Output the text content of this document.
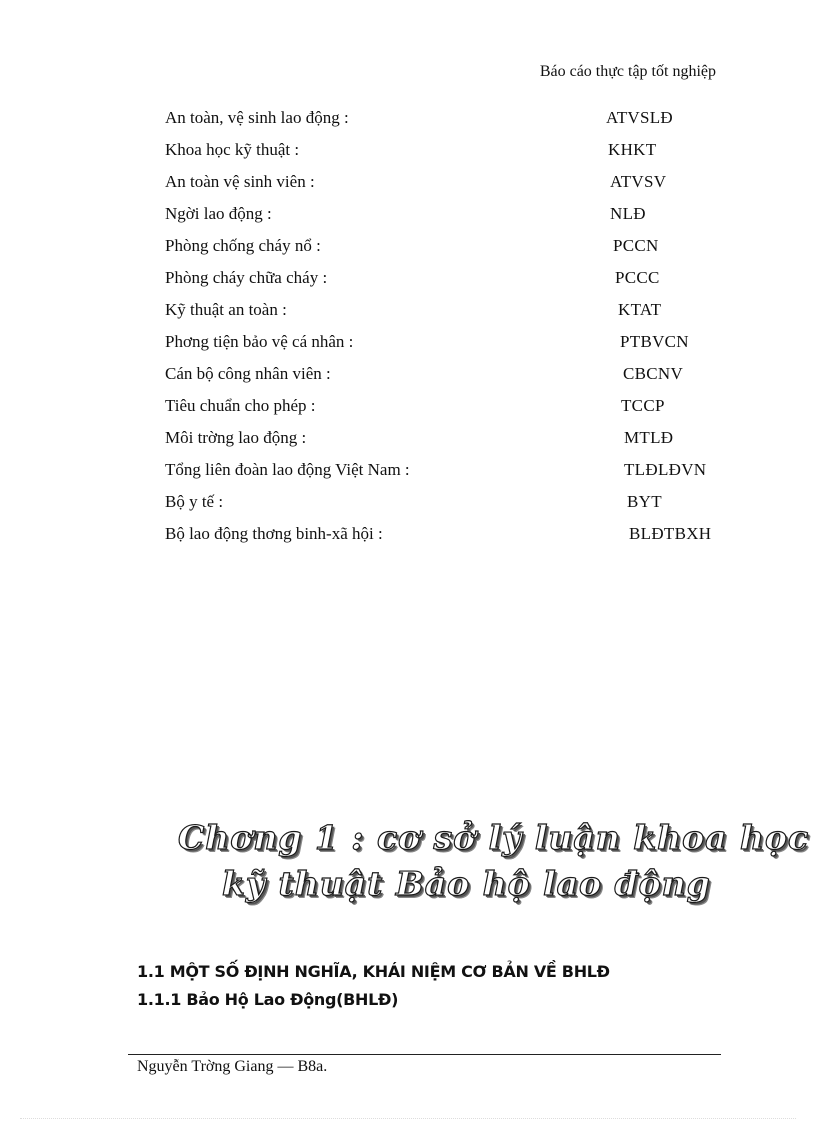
Báo cáo thực tập tốt nghiệp
An toàn, vệ sinh lao động :	ATVSLĐ
Khoa học kỹ thuật :	KHKT
An toàn vệ sinh viên :	ATVSV
Ngời lao động :	NLĐ
Phòng chống cháy nổ :	PCCN
Phòng cháy chữa cháy :	PCCC
Kỹ thuật an toàn :	KTAT
Phơng tiện bảo vệ cá nhân :	PTBVCN
Cán bộ công nhân viên :	CBCNV
Tiêu chuẩn cho phép :	TCCP
Môi trờng lao động :	MTLĐ
Tổng liên đoàn lao động Việt Nam :	TLĐLĐVN
Bộ y tế :	BYT
Bộ lao động thơng binh-xã hội :	BLĐTBXH
Chơng 1 : cơ sở lý luận khoa học
kỹ thuật Bảo hộ lao động
1.1 MỘT SỐ ĐỊNH NGHĨA, KHÁI NIỆM CƠ BẢN VỀ BHLĐ
1.1.1 Bảo Hộ Lao Động(BHLĐ)
Nguyễn Trờng Giang — B8a.
